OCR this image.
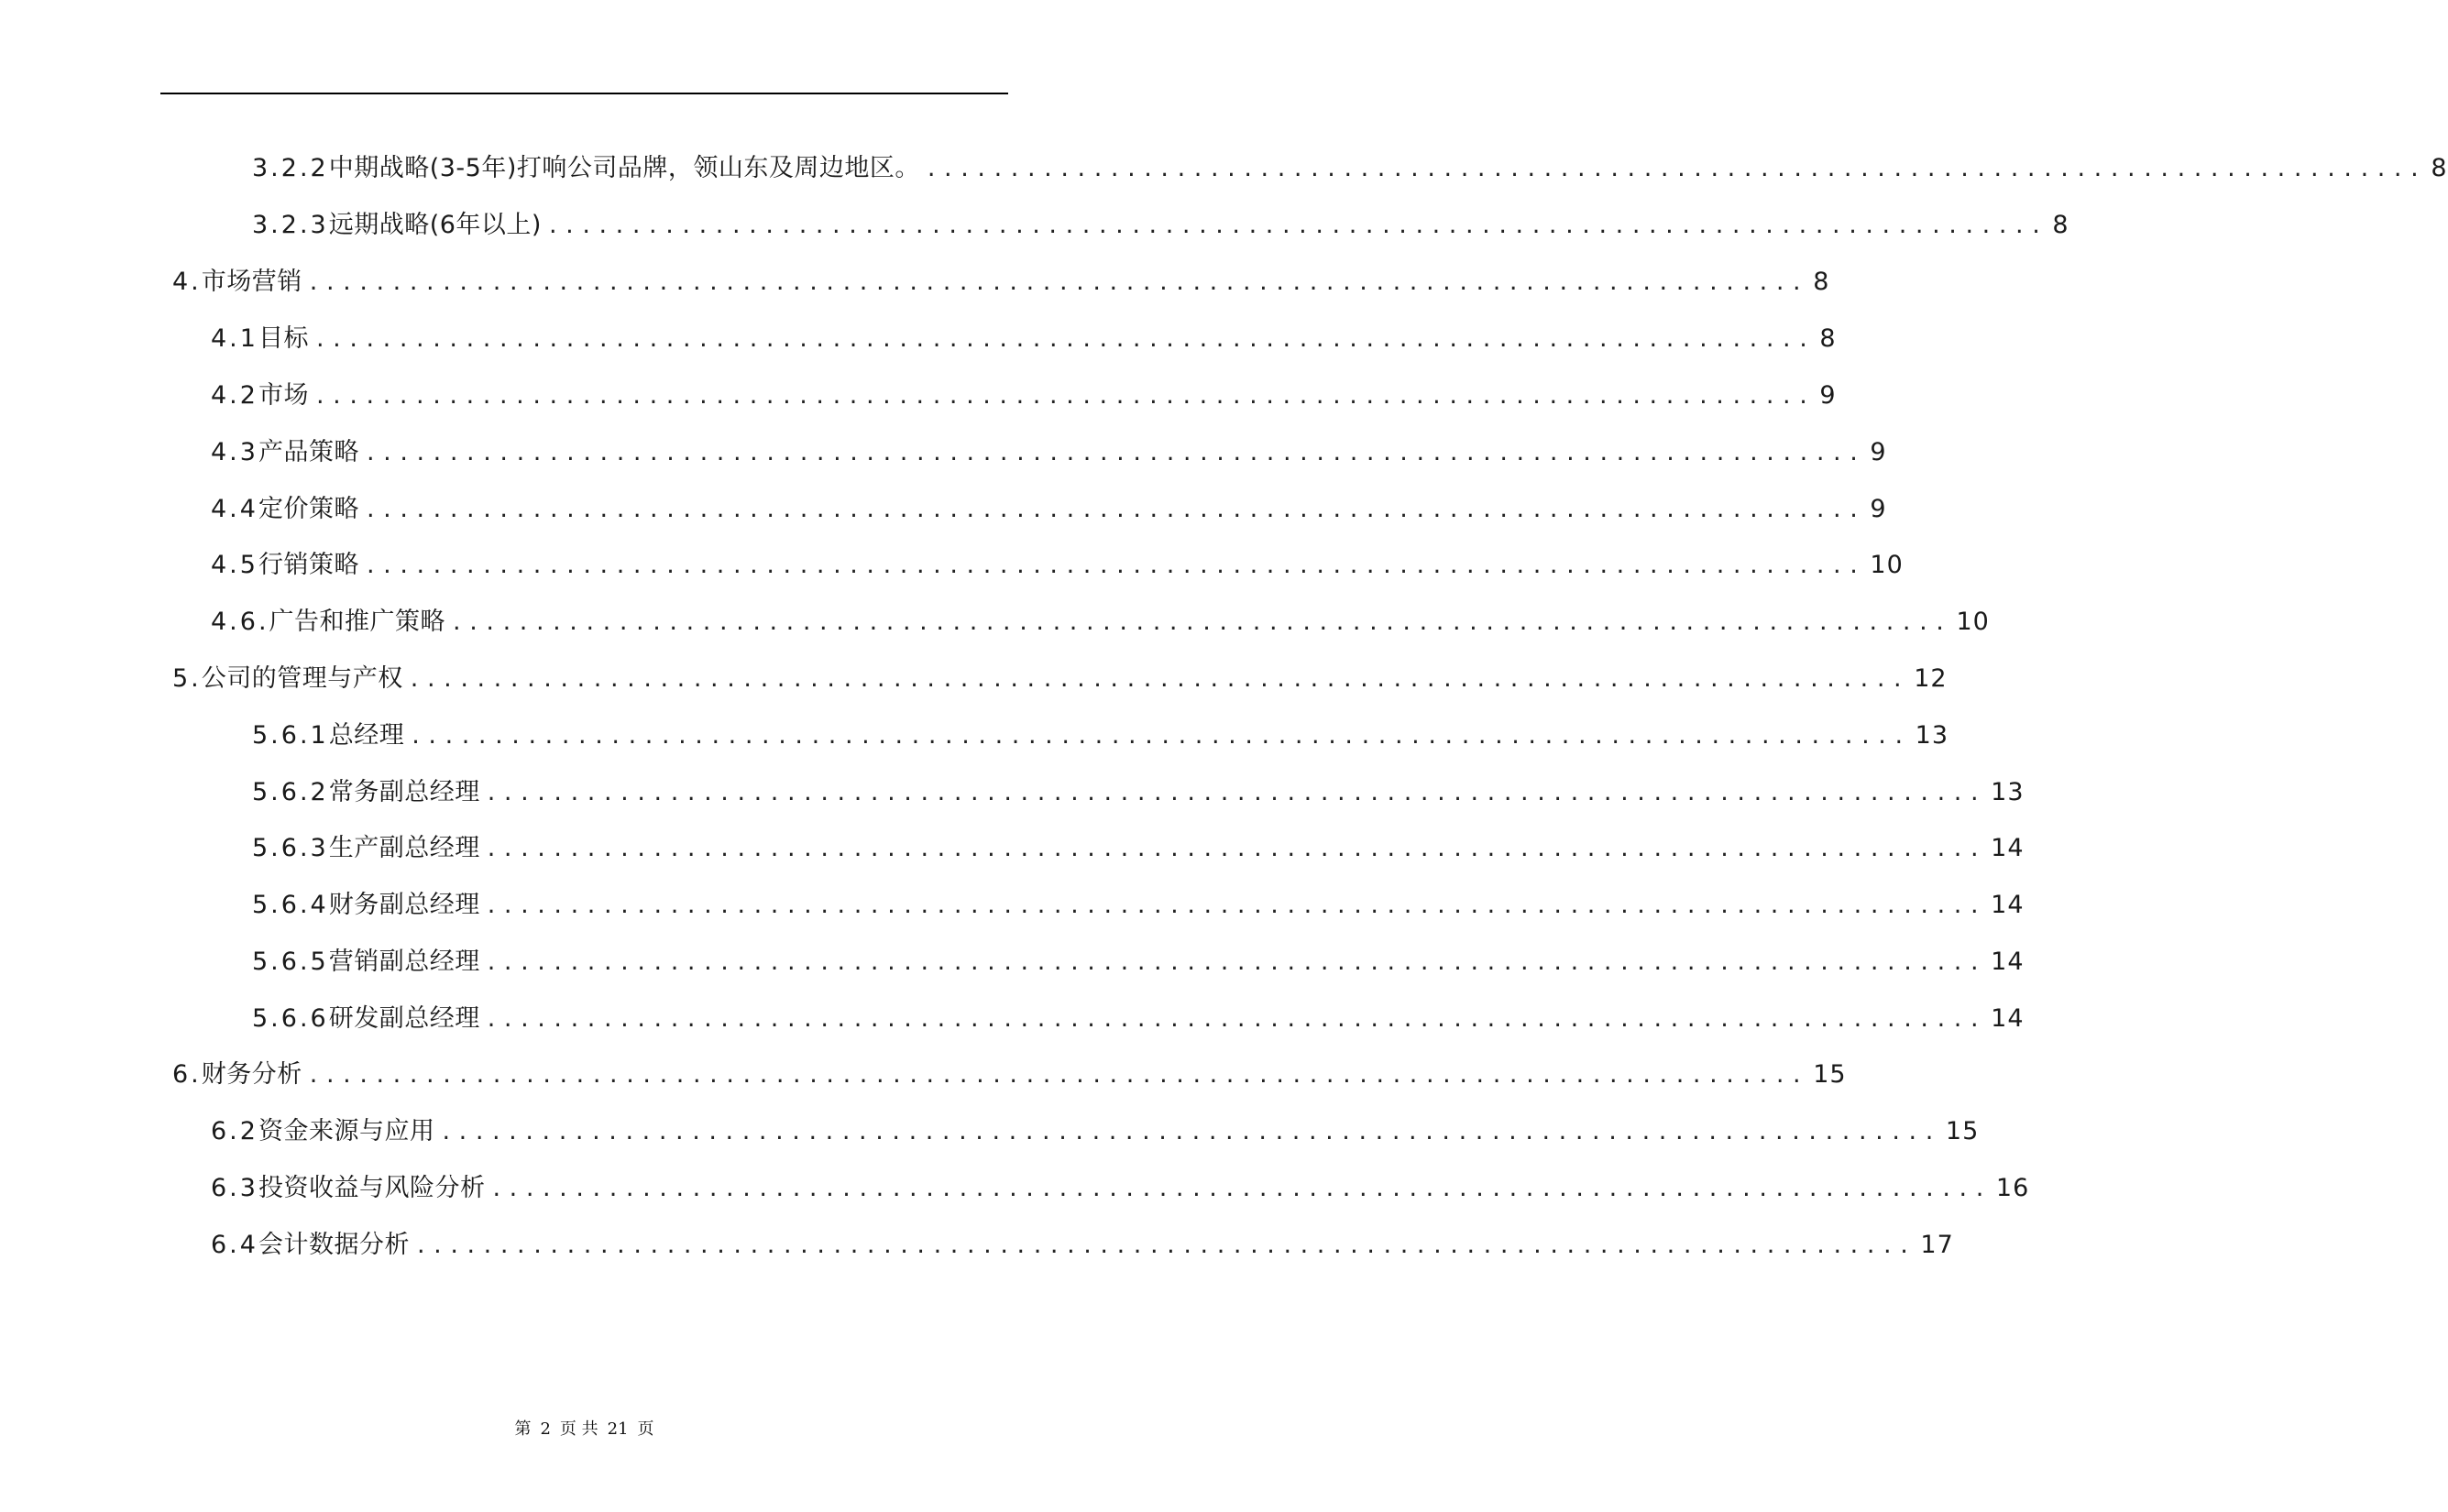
3.2.2 中期战略(3-5年)打响公司品牌，领山东及周边地区。 .......................................................................................... 8
3.2.3 远期战略(6年以上) .......................................................................................... 8
4. 市场营销 .......................................................................................... 8
4.1 目标 .......................................................................................... 8
4.2 市场 .......................................................................................... 9
4.3 产品策略 .......................................................................................... 9
4.4 定价策略 .......................................................................................... 9
4.5 行销策略 .......................................................................................... 10
4.6. 广告和推广策略 .......................................................................................... 10
5. 公司的管理与产权 .......................................................................................... 12
5.6.1 总经理 .......................................................................................... 13
5.6.2 常务副总经理 .......................................................................................... 13
5.6.3 生产副总经理 .......................................................................................... 14
5.6.4 财务副总经理 .......................................................................................... 14
5.6.5 营销副总经理 .......................................................................................... 14
5.6.6 研发副总经理 .......................................................................................... 14
6. 财务分析 .......................................................................................... 15
6.2 资金来源与应用 .......................................................................................... 15
6.3 投资收益与风险分析 .......................................................................................... 16
6.4 会计数据分析 .......................................................................................... 17
第 2 页 共 21 页
